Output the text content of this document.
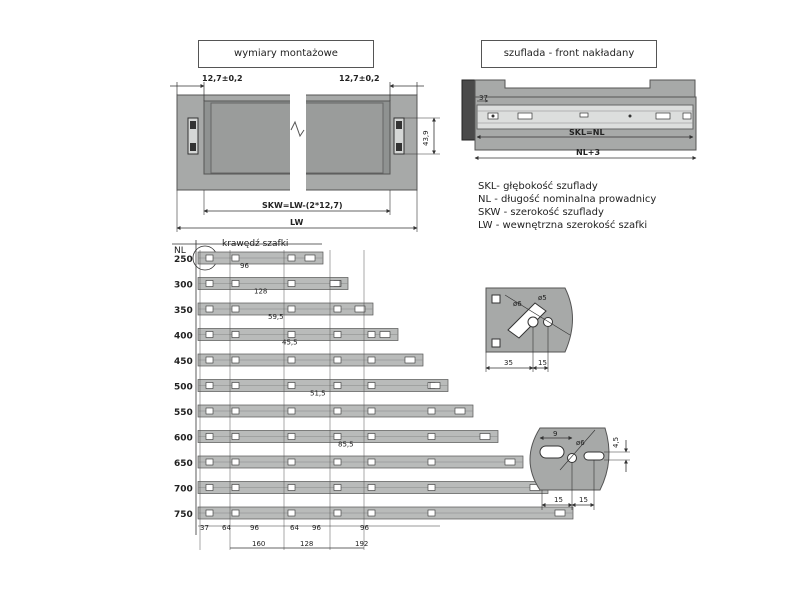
wymiary montażowe	szuflada - front nakładany
12,7±0,2	12,7±0,2
43,9
SKW=LW-(2*12,7)
LW
37
SKL=NL
NL+3
NL
krawędź szafki
250
300
350
400
450
500
550
600
650
700
750
96
128
59,5
45,5
51,5
85,5
37 64	96	64 96	96
160	128	192
ø6
ø5
35	15
ø6
9
4,5
15 15
SKL- głębokość szuflady
NL - długość nominalna prowadnicy
SKW - szerokość szuflady
LW - wewnętrzna szerokość szafki
